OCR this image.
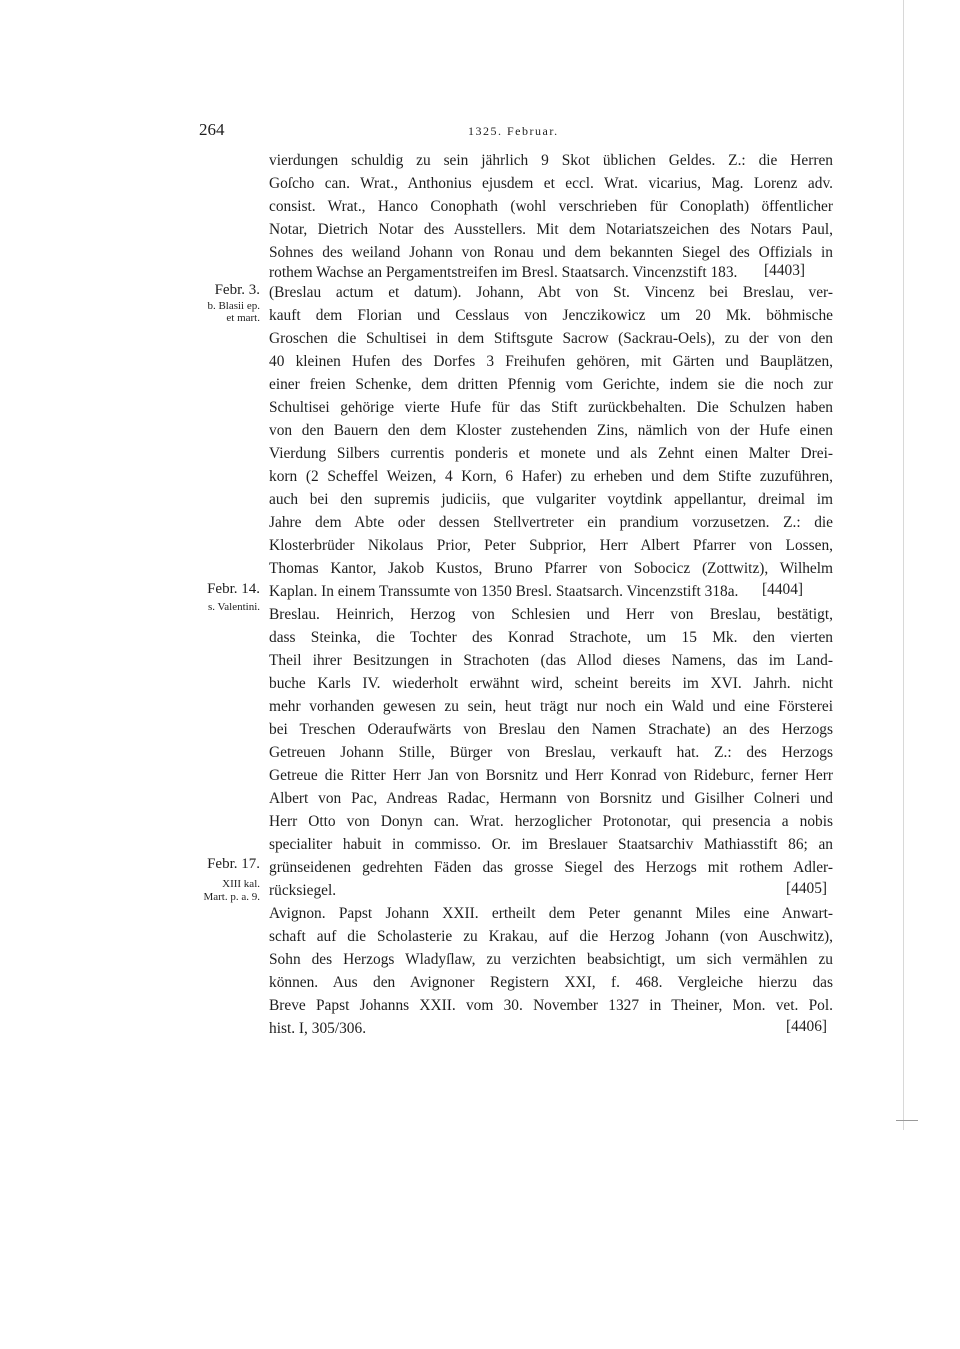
264	1325. Februar.
Febr. 3.
b. Blasii ep.
et mart.
Febr. 14.
s. Valentini.
Febr. 17.
XIII kal.
Mart. p. a. 9.
vierdungen schuldig zu sein jährlich 9 Skot üblichen Geldes. Z.: die Herren
Goſcho can. Wrat., Anthonius ejusdem et eccl. Wrat. vicarius, Mag. Lorenz adv.
consist. Wrat., Hanco Conophath (wohl verschrieben für Conoplath) öffentlicher
Notar, Dietrich Notar des Ausstellers. Mit dem Notariatszeichen des Notars Paul,
Sohnes des weiland Johann von Ronau und dem bekannten Siegel des Offizials in
rothem Wachse an Pergamentstreifen im Bresl. Staatsarch. Vincenzstift 183.
(Breslau actum et datum). Johann, Abt von St. Vincenz bei Breslau, ver-
kauft dem Florian und Cesslaus von Jenczikowicz um 20 Mk. böhmische
Groschen die Schultisei in dem Stiftsgute Sacrow (Sackrau-Oels), zu der von den
40 kleinen Hufen des Dorfes 3 Freihufen gehören, mit Gärten und Bauplätzen,
einer freien Schenke, dem dritten Pfennig vom Gerichte, indem sie die noch zur
Schultisei gehörige vierte Hufe für das Stift zurückbehalten. Die Schulzen haben
von den Bauern den dem Kloster zustehenden Zins, nämlich von der Hufe einen
Vierdung Silbers currentis ponderis et monete und als Zehnt einen Malter Drei-
korn (2 Scheffel Weizen, 4 Korn, 6 Hafer) zu erheben und dem Stifte zuzuführen,
auch bei den supremis judiciis, que vulgariter voytdink appellantur, dreimal im
Jahre dem Abte oder dessen Stellvertreter ein prandium vorzusetzen. Z.: die
Klosterbrüder Nikolaus Prior, Peter Subprior, Herr Albert Pfarrer von Lossen,
Thomas Kantor, Jakob Kustos, Bruno Pfarrer von Sobocicz (Zottwitz), Wilhelm
Kaplan. In einem Transsumte von 1350 Bresl. Staatsarch. Vincenzstift 318a.
Breslau. Heinrich, Herzog von Schlesien und Herr von Breslau, bestätigt,
dass Steinka, die Tochter des Konrad Strachote, um 15 Mk. den vierten
Theil ihrer Besitzungen in Strachoten (das Allod dieses Namens, das im Land-
buche Karls IV. wiederholt erwähnt wird, scheint bereits im XVI. Jahrh. nicht
mehr vorhanden gewesen zu sein, heut trägt nur noch ein Wald und eine Försterei
bei Treschen Oderaufwärts von Breslau den Namen Strachate) an des Herzogs
Getreuen Johann Stille, Bürger von Breslau, verkauft hat. Z.: des Herzogs
Getreue die Ritter Herr Jan von Borsnitz und Herr Konrad von Rideburc, ferner Herr
Albert von Pac, Andreas Radac, Hermann von Borsnitz und Gisilher Colneri und
Herr Otto von Donyn can. Wrat. herzoglicher Protonotar, qui presencia a nobis
specialiter habuit in commisso. Or. im Breslauer Staatsarchiv Mathiasstift 86; an
grünseidenen gedrehten Fäden das grosse Siegel des Herzogs mit rothem Adler-
rücksiegel.
Avignon. Papst Johann XXII. ertheilt dem Peter genannt Miles eine Anwart-
schaft auf die Scholasterie zu Krakau, auf die Herzog Johann (von Auschwitz),
Sohn des Herzogs Wladyſlaw, zu verzichten beabsichtigt, um sich vermählen zu
können. Aus den Avignoner Registern XXI, f. 468. Vergleiche hierzu das
Breve Papst Johanns XXII. vom 30. November 1327 in Theiner, Mon. vet. Pol.
hist. I, 305/306.
[4403]
[4404]
[4405]
[4406]
